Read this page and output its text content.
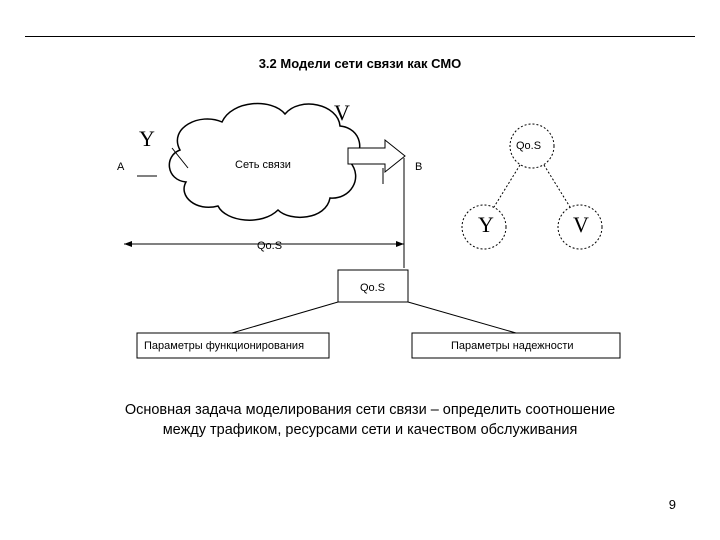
3.2 Модели сети связи как СМО
Y
V
A	B
Сеть связи
Qo.S
Qo.S
Параметры функционирования	Параметры надежности
Qo.S
Y	V
Основная задача моделирования сети связи – определить соотношение
между трафиком, ресурсами сети и качеством обслуживания
9
